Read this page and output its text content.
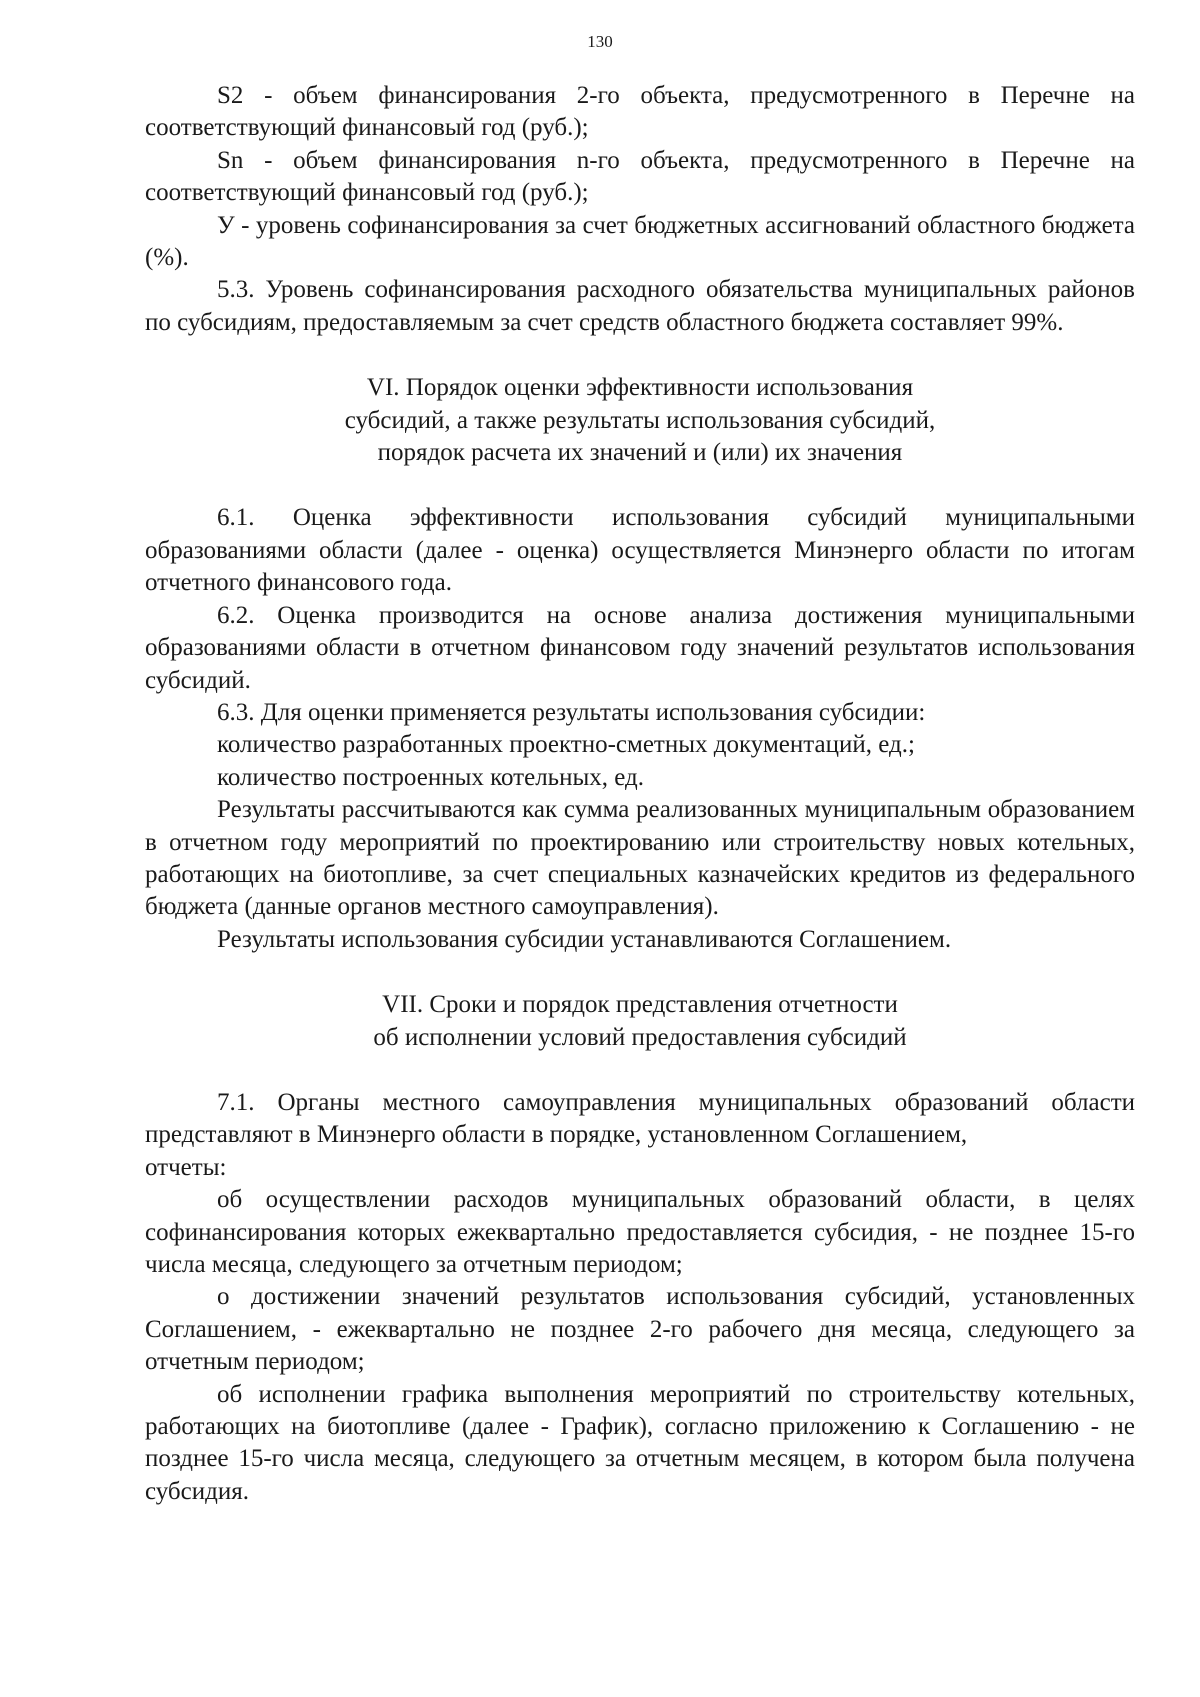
130

S2 - объем финансирования 2-го объекта, предусмотренного в Перечне на соответствующий финансовый год (руб.);

Sn - объем финансирования n-го объекта, предусмотренного в Перечне на соответствующий финансовый год (руб.);

У - уровень софинансирования за счет бюджетных ассигнований областного бюджета (%).

5.3. Уровень софинансирования расходного обязательства муниципальных районов по субсидиям, предоставляемым за счет средств областного бюджета составляет 99%.

VI. Порядок оценки эффективности использования
субсидий, а также результаты использования субсидий,
порядок расчета их значений и (или) их значения

6.1. Оценка эффективности использования субсидий муниципальными образованиями области (далее - оценка) осуществляется Минэнерго области по итогам отчетного финансового года.

6.2. Оценка производится на основе анализа достижения муниципальными образованиями области в отчетном финансовом году значений результатов использования субсидий.

6.3. Для оценки применяется результаты использования субсидии:

количество разработанных проектно-сметных документаций, ед.;

количество построенных котельных, ед.

Результаты рассчитываются как сумма реализованных муниципальным образованием в отчетном году мероприятий по проектированию или строительству новых котельных, работающих на биотопливе, за счет специальных казначейских кредитов из федерального бюджета (данные органов местного самоуправления).

Результаты использования субсидии устанавливаются Соглашением.

VII. Сроки и порядок представления отчетности
об исполнении условий предоставления субсидий

7.1. Органы местного самоуправления муниципальных образований области представляют в Минэнерго области в порядке, установленном Соглашением,

отчеты:

об осуществлении расходов муниципальных образований области, в целях софинансирования которых ежеквартально предоставляется субсидия, - не позднее 15-го числа месяца, следующего за отчетным периодом;

о достижении значений результатов использования субсидий, установленных Соглашением, - ежеквартально не позднее 2-го рабочего дня месяца, следующего за отчетным периодом;

об исполнении графика выполнения мероприятий по строительству котельных, работающих на биотопливе (далее - График), согласно приложению к Соглашению - не позднее 15-го числа месяца, следующего за отчетным месяцем, в котором была получена субсидия.
